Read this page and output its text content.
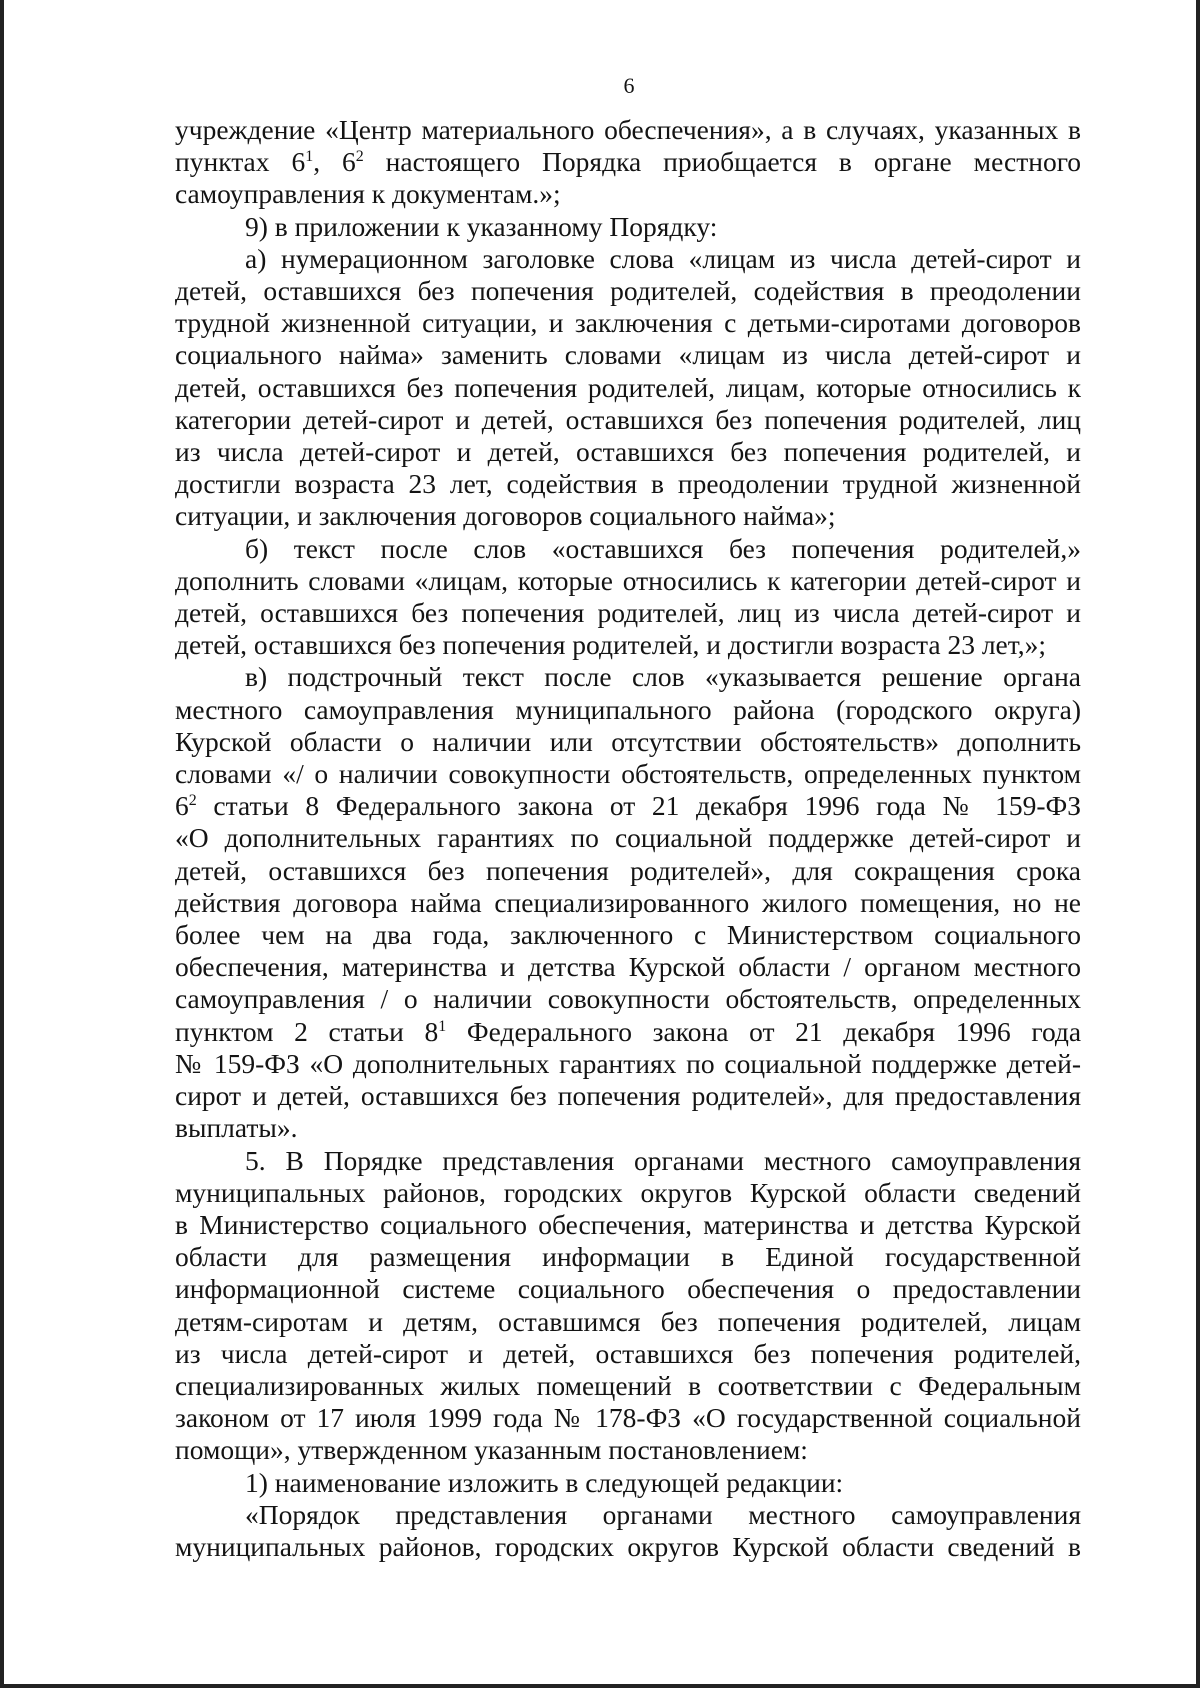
6

учреждение «Центр материального обеспечения», а в случаях, указанных в

пунктах $6^1$, $6^2$ настоящего Порядка приобщается в органе местного

самоуправления к документам.»;

9) в приложении к указанному Порядку:

а) нумерационном заголовке слова «лицам из числа детей-сирот и

детей, оставшихся без попечения родителей, содействия в преодолении

трудной жизненной ситуации, и заключения с детьми-сиротами договоров

социального найма» заменить словами «лицам из числа детей-сирот и

детей, оставшихся без попечения родителей, лицам, которые относились к

категории детей-сирот и детей, оставшихся без попечения родителей, лиц

из числа детей-сирот и детей, оставшихся без попечения родителей, и

достигли возраста 23 лет, содействия в преодолении трудной жизненной

ситуации, и заключения договоров социального найма»;

б) текст после слов «оставшихся без попечения родителей,»

дополнить словами «лицам, которые относились к категории детей-сирот и

детей, оставшихся без попечения родителей, лиц из числа детей-сирот и

детей, оставшихся без попечения родителей, и достигли возраста 23 лет,»;

в) подстрочный текст после слов «указывается решение органа

местного самоуправления муниципального района (городского округа)

Курской области о наличии или отсутствии обстоятельств» дополнить

словами «/ о наличии совокупности обстоятельств, определенных пунктом

$6^2$ статьи 8 Федерального закона от 21 декабря 1996 года № 159-ФЗ

«О дополнительных гарантиях по социальной поддержке детей-сирот и

детей, оставшихся без попечения родителей», для сокращения срока

действия договора найма специализированного жилого помещения, но не

более чем на два года, заключенного с Министерством социального

обеспечения, материнства и детства Курской области / органом местного

самоуправления / о наличии совокупности обстоятельств, определенных

пунктом 2 статьи $8^1$ Федерального закона от 21 декабря 1996 года

№ 159-ФЗ «О дополнительных гарантиях по социальной поддержке детей-

сирот и детей, оставшихся без попечения родителей», для предоставления

выплаты».

5. В Порядке представления органами местного самоуправления

муниципальных районов, городских округов Курской области сведений

в Министерство социального обеспечения, материнства и детства Курской

области для размещения информации в Единой государственной

информационной системе социального обеспечения о предоставлении

детям-сиротам и детям, оставшимся без попечения родителей, лицам

из числа детей-сирот и детей, оставшихся без попечения родителей,

специализированных жилых помещений в соответствии с Федеральным

законом от 17 июля 1999 года № 178-ФЗ «О государственной социальной

помощи», утвержденном указанным постановлением:

1) наименование изложить в следующей редакции:

«Порядок представления органами местного самоуправления

муниципальных районов, городских округов Курской области сведений в
